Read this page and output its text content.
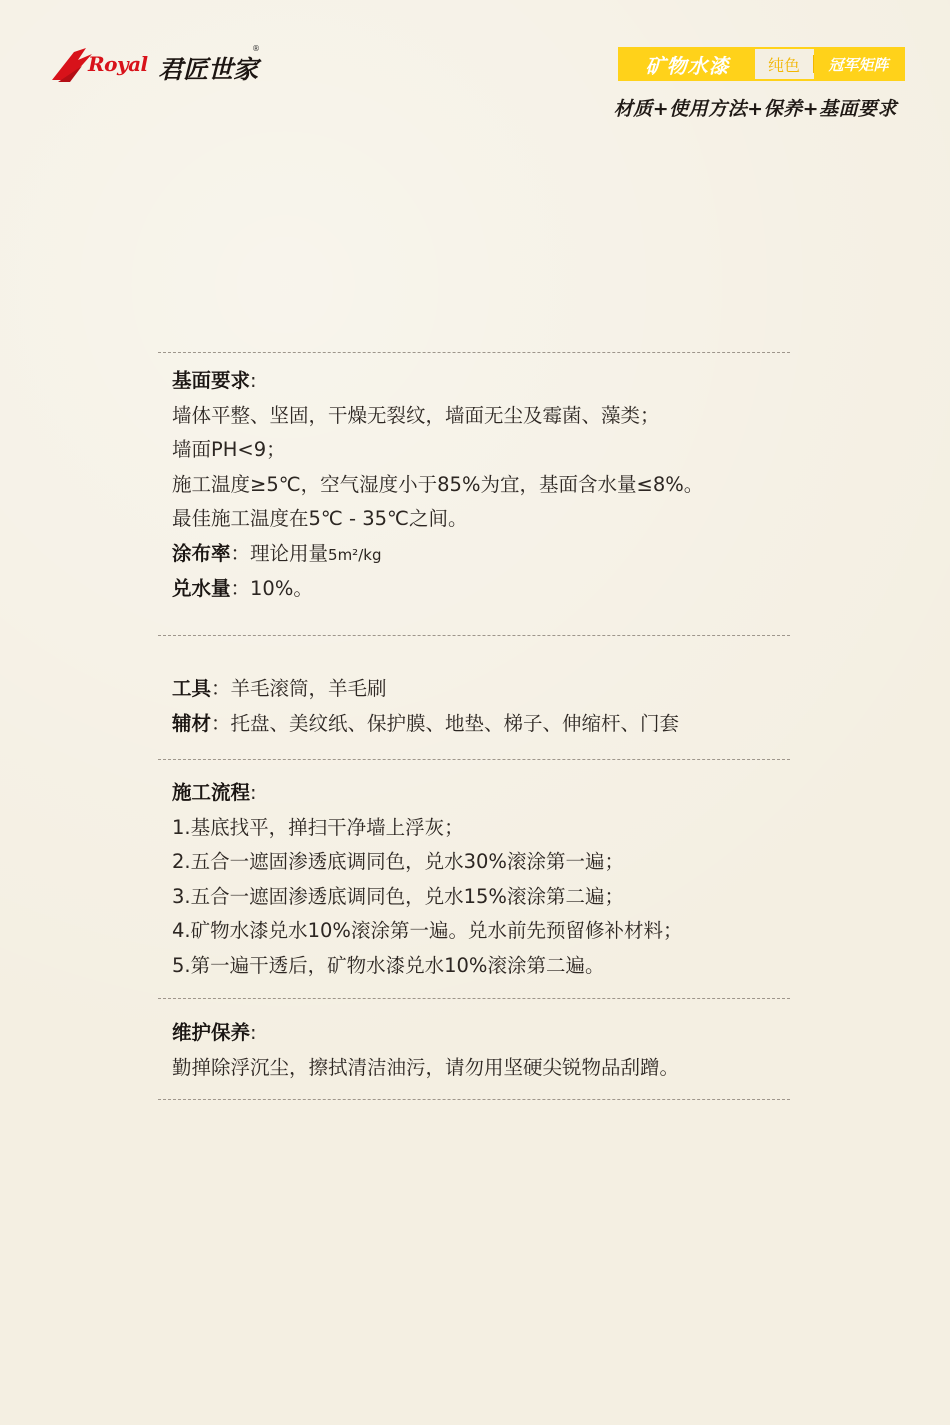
Royal 君匠世家
®
矿物水漆	纯色	冠军矩阵
材质+使用方法+保养+基面要求
基面要求:
墙体平整、坚固，干燥无裂纹，墙面无尘及霉菌、藻类；
墙面PH<9；
施工温度≥5℃，空气湿度小于85%为宜，基面含水量≤8%。
最佳施工温度在5℃ - 35℃之间。
涂布率：理论用量5m²/kg
兑水量：10%。
工具：羊毛滚筒，羊毛刷
辅材：托盘、美纹纸、保护膜、地垫、梯子、伸缩杆、门套
施工流程:
1.基底找平，掸扫干净墙上浮灰；
2.五合一遮固渗透底调同色，兑水30%滚涂第一遍；
3.五合一遮固渗透底调同色，兑水15%滚涂第二遍；
4.矿物水漆兑水10%滚涂第一遍。兑水前先预留修补材料；
5.第一遍干透后，矿物水漆兑水10%滚涂第二遍。
维护保养:
勤掸除浮沉尘，擦拭清洁油污，请勿用坚硬尖锐物品刮蹭。
